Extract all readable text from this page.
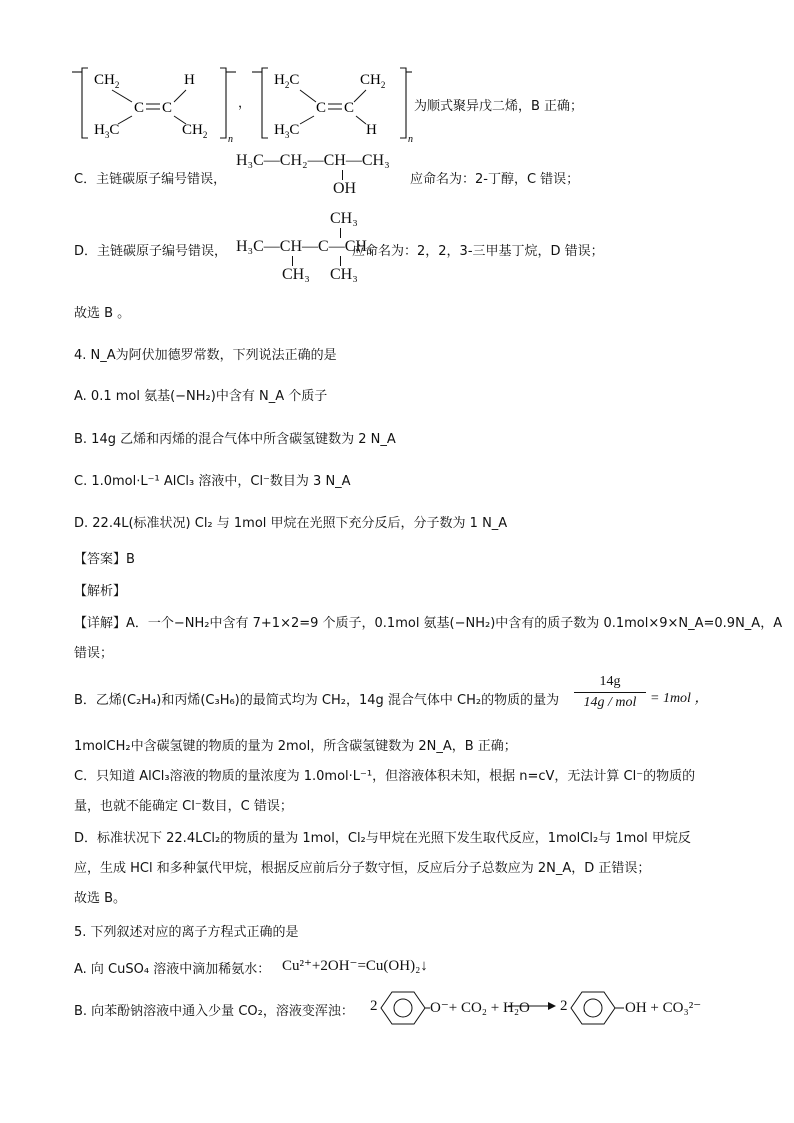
$CH_2$	H
C C
$H_3C$	$CH_2$ n
$H_2C$	$CH_2$
C C
$H_3C$	H
n
，	为顺式聚异戊二烯，B 正确；
C．主链碳原子编号错误，
H₃C—CH₂—CH—CH₃
OH
应命名为：2-丁醇，C 错误；
CH₃
D．主链碳原子编号错误， H₃C—CH—C—CH₃
CH₃ CH₃
应命名为：2，2，3-三甲基丁烷，D 错误；
故选 B 。
4. N_A为阿伏加德罗常数，下列说法正确的是
A. 0.1 mol 氨基(−NH₂)中含有 N_A 个质子
B. 14g 乙烯和丙烯的混合气体中所含碳氢键数为 2 N_A
C. 1.0mol⋅L⁻¹ AlCl₃ 溶液中，Cl⁻数目为 3 N_A
D. 22.4L(标准状况) Cl₂ 与 1mol 甲烷在光照下充分反后，分子数为 1 N_A
【答案】B
【解析】
【详解】A．一个−NH₂中含有 7+1×2=9 个质子，0.1mol 氨基(−NH₂)中含有的质子数为 0.1mol×9×N_A=0.9N_A，A
错误；
B．乙烯(C₂H₄)和丙烯(C₃H₆)的最简式均为 CH₂，14g 混合气体中 CH₂的物质的量为
14g
14g / mol = 1mol ，
1molCH₂中含碳氢键的物质的量为 2mol，所含碳氢键数为 2N_A，B 正确；
C．只知道 AlCl₃溶液的物质的量浓度为 1.0mol·L⁻¹，但溶液体积未知，根据 n=cV，无法计算 Cl⁻的物质的
量，也就不能确定 Cl⁻数目，C 错误；
D．标准状况下 22.4LCl₂的物质的量为 1mol，Cl₂与甲烷在光照下发生取代反应，1molCl₂与 1mol 甲烷反
应，生成 HCl 和多种氯代甲烷，根据反应前后分子数守恒，反应后分子总数应为 2N_A，D 正错误；
故选 B。
5. 下列叙述对应的离子方程式正确的是
A. 向 CuSO₄ 溶液中滴加稀氨水： Cu²⁺+2OH⁻=Cu(OH)₂↓
B. 向苯酚钠溶液中通入少量 CO₂，溶液变浑浊： 2	O⁻+ CO₂ + H₂O → 2	OH + CO₃²⁻
